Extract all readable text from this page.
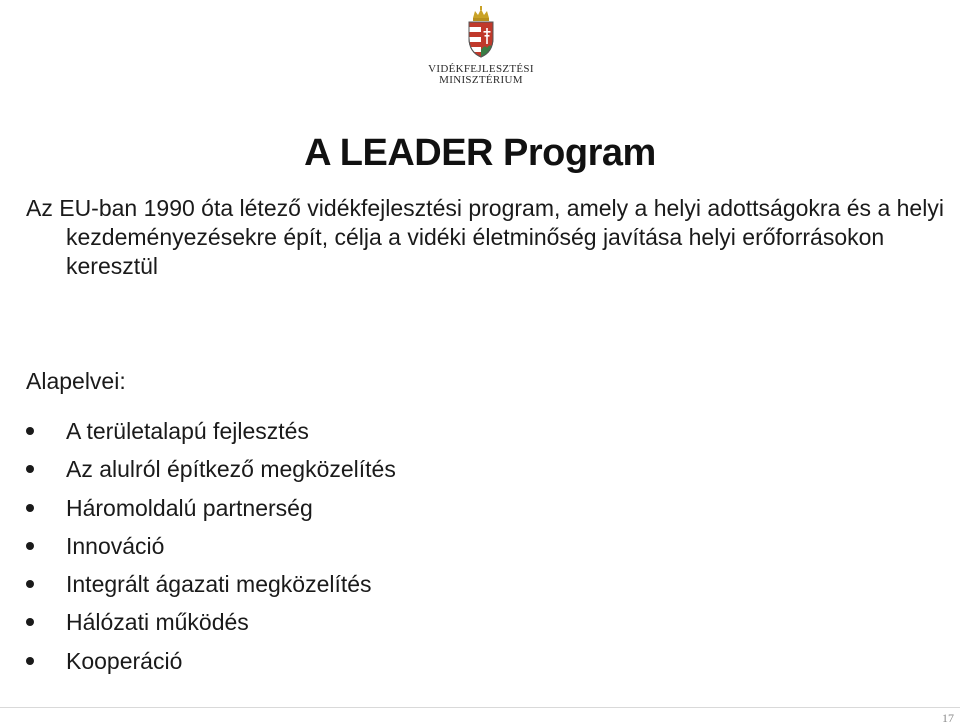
VIDÉKFEJLESZTÉSI
MINISZTÉRIUM
A LEADER Program

Az EU-ban 1990 óta létező vidékfejlesztési program, amely a helyi adottságokra és a helyi kezdeményezésekre épít, célja a vidéki életminőség javítása helyi erőforrásokon keresztül

Alapelvei:

A területalapú fejlesztés
Az alulról építkező megközelítés
Háromoldalú partnerség
Innováció
Integrált ágazati megközelítés
Hálózati működés
Kooperáció
17
